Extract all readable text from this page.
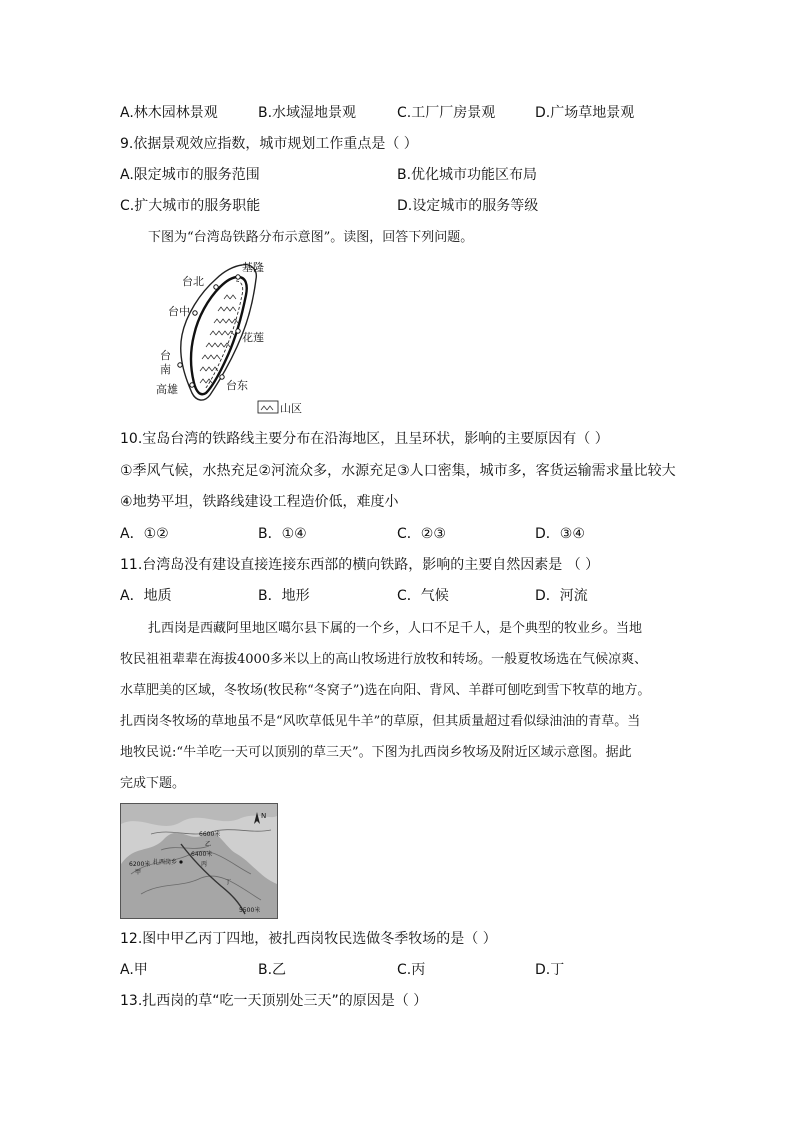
A.林木园林景观	B.水域湿地景观	C.工厂厂房景观	D.广场草地景观
9.依据景观效应指数，城市规划工作重点是（ ）
A.限定城市的服务范围	B.优化城市功能区布局
C.扩大城市的服务职能	D.设定城市的服务等级
下图为“台湾岛铁路分布示意图”。读图，回答下列问题。
基隆
台北
台中
花莲
台
南
高雄	台东
山区
10.宝岛台湾的铁路线主要分布在沿海地区，且呈环状，影响的主要原因有（ ）
①季风气候，水热充足②河流众多，水源充足③人口密集，城市多，客货运输需求量比较大
④地势平坦，铁路线建设工程造价低，难度小
A．①②	B．①④	C．②③	D．③④
11.台湾岛没有建设直接连接东西部的横向铁路，影响的主要自然因素是 （ ）
A．地质	B．地形	C．气候	D．河流
扎西岗是西藏阿里地区噶尔县下属的一个乡，人口不足千人，是个典型的牧业乡。当地
牧民祖祖辈辈在海拔4000多米以上的高山牧场进行放牧和转场。一般夏牧场选在气候凉爽、
水草肥美的区域，冬牧场(牧民称“冬窝子”)选在向阳、背风、羊群可刨吃到雪下牧草的地方。
扎西岗冬牧场的草地虽不是“风吹草低见牛羊”的草原，但其质量超过看似绿油油的青草。当
地牧民说:“牛羊吃一天可以顶别的草三天”。下图为扎西岗乡牧场及附近区域示意图。据此
完成下题。
N
6600米
6400米
6200米
5500米
甲
乙
丙
丁
扎西岗乡
12.图中甲乙丙丁四地，被扎西岗牧民选做冬季牧场的是（ ）
A.甲	B.乙	C.丙	D.丁
13.扎西岗的草“吃一天顶别处三天”的原因是（ ）
